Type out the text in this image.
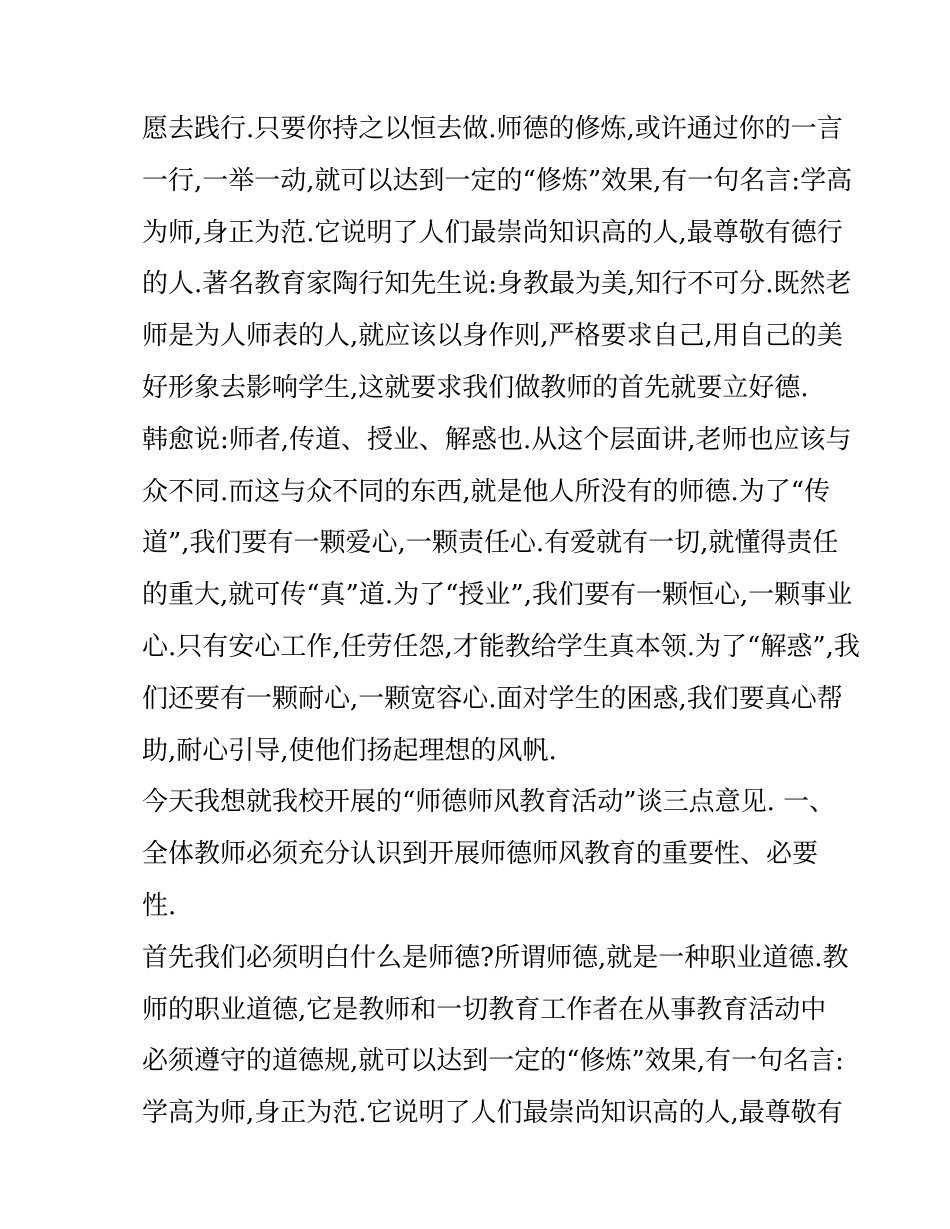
愿去践行.只要你持之以恒去做.师德的修炼,或许通过你的一言
一行,一举一动,就可以达到一定的“修炼”效果,有一句名言:学高
为师,身正为范.它说明了人们最崇尚知识高的人,最尊敬有德行
的人.著名教育家陶行知先生说:身教最为美,知行不可分.既然老
师是为人师表的人,就应该以身作则,严格要求自己,用自己的美
好形象去影响学生,这就要求我们做教师的首先就要立好德.
韩愈说:师者,传道、授业、解惑也.从这个层面讲,老师也应该与
众不同.而这与众不同的东西,就是他人所没有的师德.为了“传
道”,我们要有一颗爱心,一颗责任心.有爱就有一切,就懂得责任
的重大,就可传“真”道.为了“授业”,我们要有一颗恒心,一颗事业
心.只有安心工作,任劳任怨,才能教给学生真本领.为了“解惑”,我
们还要有一颗耐心,一颗宽容心.面对学生的困惑,我们要真心帮
助,耐心引导,使他们扬起理想的风帆.
今天我想就我校开展的“师德师风教育活动”谈三点意见. 一、
全体教师必须充分认识到开展师德师风教育的重要性、必要
性.
首先我们必须明白什么是师德?所谓师德,就是一种职业道德.教
师的职业道德,它是教师和一切教育工作者在从事教育活动中
必须遵守的道德规,就可以达到一定的“修炼”效果,有一句名言:
学高为师,身正为范.它说明了人们最崇尚知识高的人,最尊敬有
